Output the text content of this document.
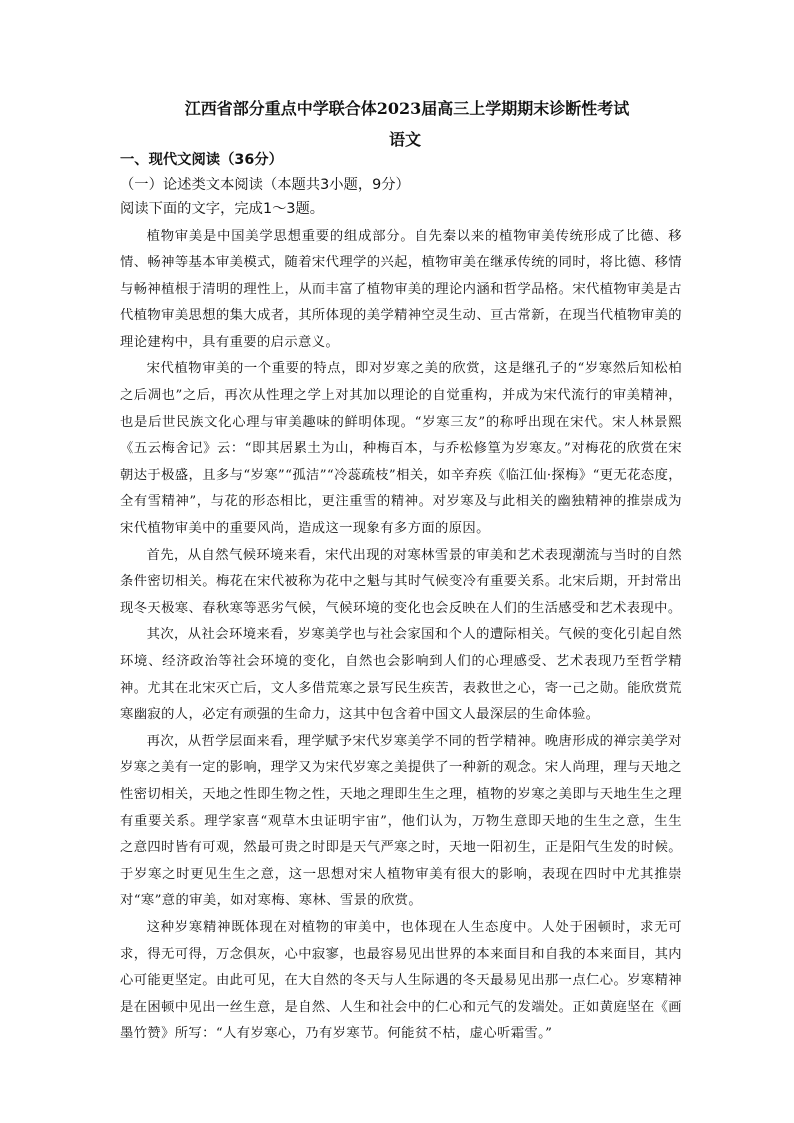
江西省部分重点中学联合体2023届高三上学期期末诊断性考试
语文

一、现代文阅读（36分）

（一）论述类文本阅读（本题共3小题，9分）

阅读下面的文字，完成1～3题。

植物审美是中国美学思想重要的组成部分。自先秦以来的植物审美传统形成了比德、移情、畅神等基本审美模式，随着宋代理学的兴起，植物审美在继承传统的同时，将比德、移情与畅神植根于清明的理性上，从而丰富了植物审美的理论内涵和哲学品格。宋代植物审美是古代植物审美思想的集大成者，其所体现的美学精神空灵生动、亘古常新，在现当代植物审美的理论建构中，具有重要的启示意义。

宋代植物审美的一个重要的特点，即对岁寒之美的欣赏，这是继孔子的“岁寒然后知松柏之后凋也”之后，再次从性理之学上对其加以理论的自觉重构，并成为宋代流行的审美精神，也是后世民族文化心理与审美趣味的鲜明体现。“岁寒三友”的称呼出现在宋代。宋人林景熙《五云梅舍记》云：“即其居累土为山，种梅百本，与乔松修篁为岁寒友。”对梅花的欣赏在宋朝达于极盛，且多与“岁寒”“孤洁”“冷蕊疏枝”相关，如辛弃疾《临江仙·探梅》“更无花态度，全有雪精神”，与花的形态相比，更注重雪的精神。对岁寒及与此相关的幽独精神的推崇成为宋代植物审美中的重要风尚，造成这一现象有多方面的原因。

首先，从自然气候环境来看，宋代出现的对寒林雪景的审美和艺术表现潮流与当时的自然条件密切相关。梅花在宋代被称为花中之魁与其时气候变冷有重要关系。北宋后期，开封常出现冬天极寒、春秋寒等恶劣气候，气候环境的变化也会反映在人们的生活感受和艺术表现中。

其次，从社会环境来看，岁寒美学也与社会家国和个人的遭际相关。气候的变化引起自然环境、经济政治等社会环境的变化，自然也会影响到人们的心理感受、艺术表现乃至哲学精神。尤其在北宋灭亡后，文人多借荒寒之景写民生疾苦，表救世之心，寄一己之勋。能欣赏荒寒幽寂的人，必定有顽强的生命力，这其中包含着中国文人最深层的生命体验。

再次，从哲学层面来看，理学赋予宋代岁寒美学不同的哲学精神。晚唐形成的禅宗美学对岁寒之美有一定的影响，理学又为宋代岁寒之美提供了一种新的观念。宋人尚理，理与天地之性密切相关，天地之性即生物之性，天地之理即生生之理，植物的岁寒之美即与天地生生之理有重要关系。理学家喜“观草木虫证明宇宙”，他们认为，万物生意即天地的生生之意，生生之意四时皆有可观，然最可贵之时即是天气严寒之时，天地一阳初生，正是阳气生发的时候。于岁寒之时更见生生之意，这一思想对宋人植物审美有很大的影响，表现在四时中尤其推崇对“寒”意的审美，如对寒梅、寒林、雪景的欣赏。

这种岁寒精神既体现在对植物的审美中，也体现在人生态度中。人处于困顿时，求无可求，得无可得，万念俱灰，心中寂寥，也最容易见出世界的本来面目和自我的本来面目，其内心可能更坚定。由此可见，在大自然的冬天与人生际遇的冬天最易见出那一点仁心。岁寒精神是在困顿中见出一丝生意，是自然、人生和社会中的仁心和元气的发端处。正如黄庭坚在《画墨竹赞》所写：“人有岁寒心，乃有岁寒节。何能贫不枯，虚心听霜雪。”
